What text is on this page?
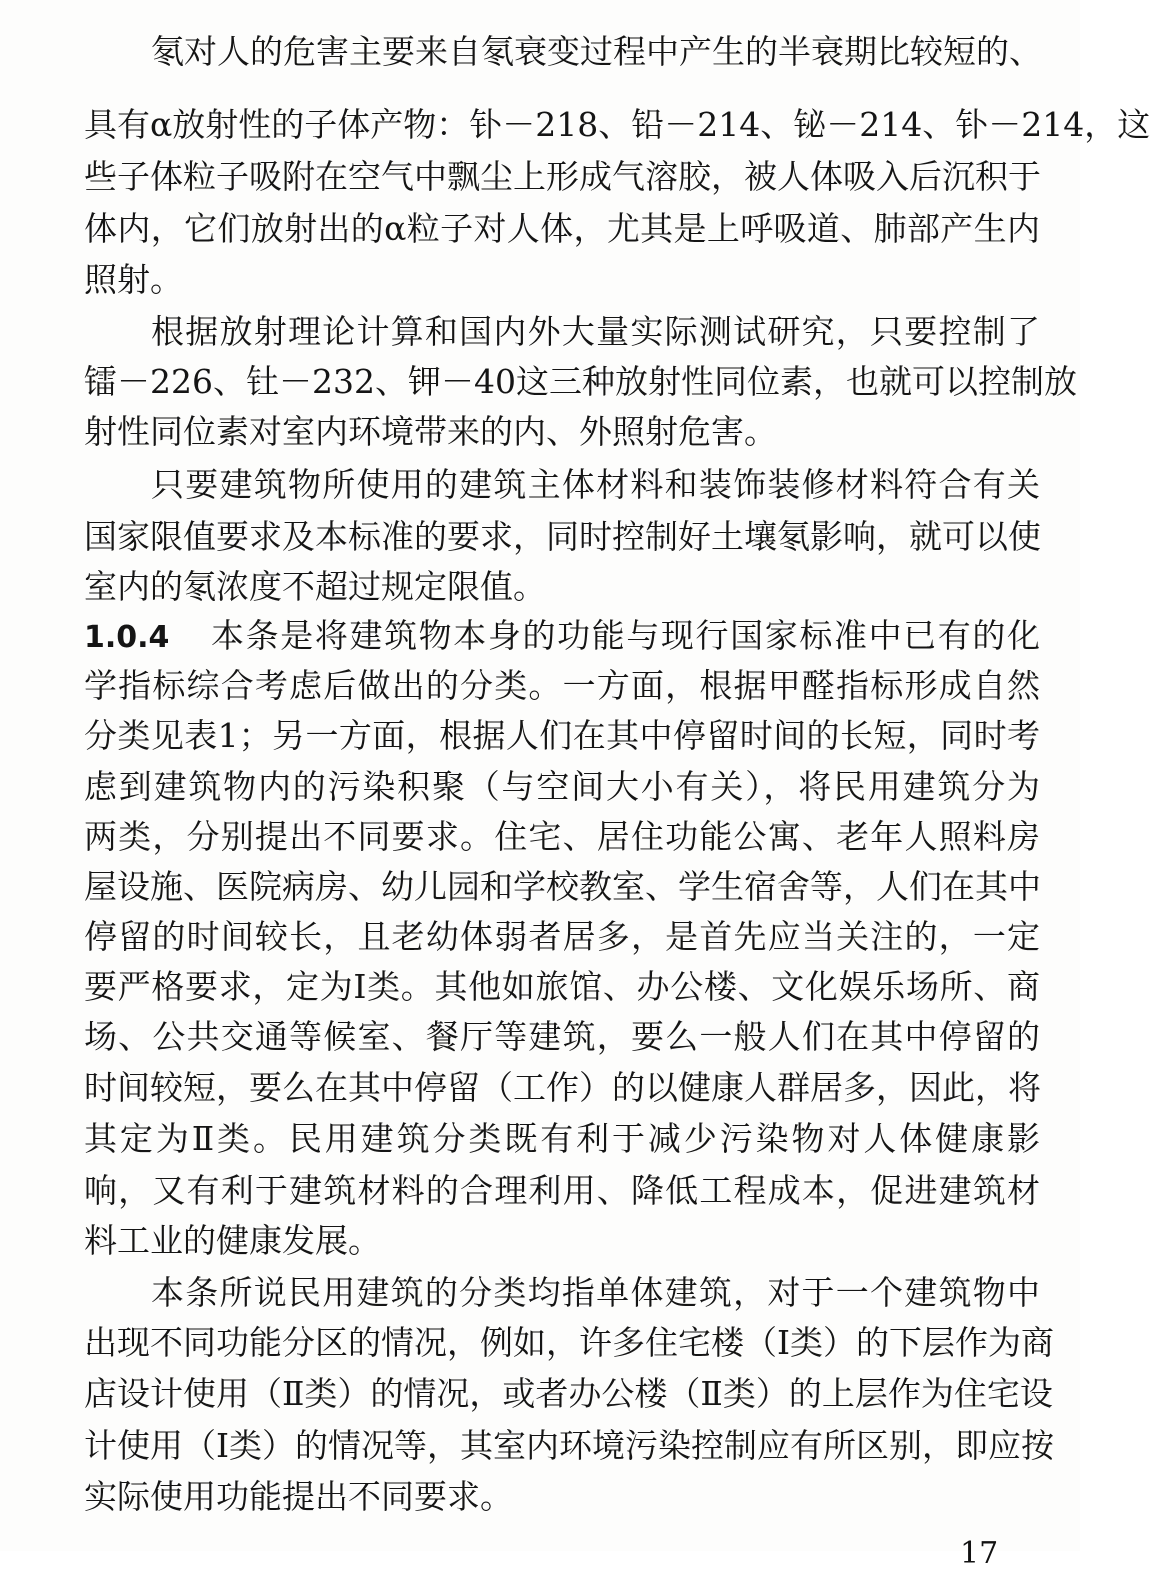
氡对人的危害主要来自氡衰变过程中产生的半衰期比较短的、
具有α放射性的子体产物：钋－218、铅－214、铋－214、钋－214，这
些子体粒子吸附在空气中飘尘上形成气溶胶，被人体吸入后沉积于
体内，它们放射出的α粒子对人体，尤其是上呼吸道、肺部产生内
照射。
根据放射理论计算和国内外大量实际测试研究，只要控制了
镭－226、钍－232、钾－40这三种放射性同位素，也就可以控制放
射性同位素对室内环境带来的内、外照射危害。
只要建筑物所使用的建筑主体材料和装饰装修材料符合有关
国家限值要求及本标准的要求，同时控制好土壤氡影响，就可以使
室内的氡浓度不超过规定限值。
1.0.4 本条是将建筑物本身的功能与现行国家标准中已有的化
学指标综合考虑后做出的分类。一方面，根据甲醛指标形成自然
分类见表1；另一方面，根据人们在其中停留时间的长短，同时考
虑到建筑物内的污染积聚（与空间大小有关），将民用建筑分为
两类，分别提出不同要求。住宅、居住功能公寓、老年人照料房
屋设施、医院病房、幼儿园和学校教室、学生宿舍等，人们在其中
停留的时间较长，且老幼体弱者居多，是首先应当关注的，一定
要严格要求，定为Ⅰ类。其他如旅馆、办公楼、文化娱乐场所、商
场、公共交通等候室、餐厅等建筑，要么一般人们在其中停留的
时间较短，要么在其中停留（工作）的以健康人群居多，因此，将
其定为Ⅱ类。民用建筑分类既有利于减少污染物对人体健康影
响，又有利于建筑材料的合理利用、降低工程成本，促进建筑材
料工业的健康发展。
本条所说民用建筑的分类均指单体建筑，对于一个建筑物中
出现不同功能分区的情况，例如，许多住宅楼（Ⅰ类）的下层作为商
店设计使用（Ⅱ类）的情况，或者办公楼（Ⅱ类）的上层作为住宅设
计使用（Ⅰ类）的情况等，其室内环境污染控制应有所区别，即应按
实际使用功能提出不同要求。
17
